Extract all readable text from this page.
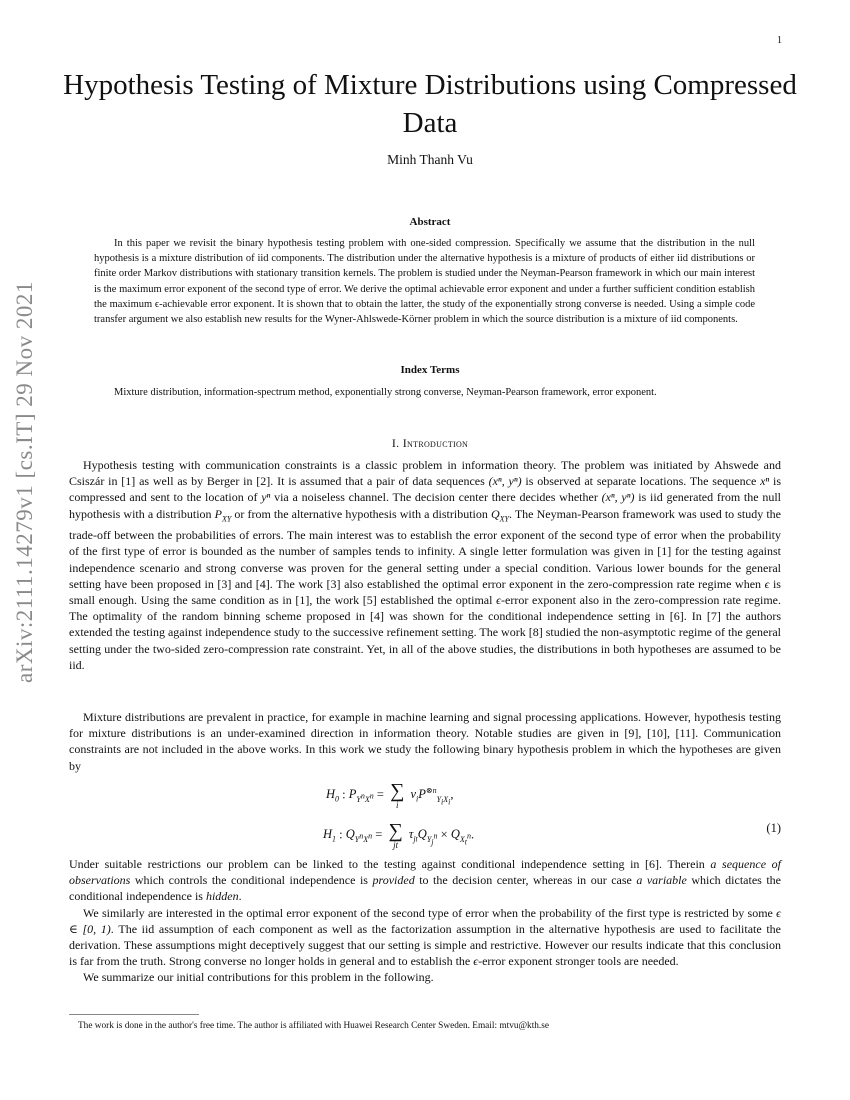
1
arXiv:2111.14279v1 [cs.IT] 29 Nov 2021
Hypothesis Testing of Mixture Distributions using Compressed Data
Minh Thanh Vu
Abstract
In this paper we revisit the binary hypothesis testing problem with one-sided compression. Specifically we assume that the distribution in the null hypothesis is a mixture distribution of iid components. The distribution under the alternative hypothesis is a mixture of products of either iid distributions or finite order Markov distributions with stationary transition kernels. The problem is studied under the Neyman-Pearson framework in which our main interest is the maximum error exponent of the second type of error. We derive the optimal achievable error exponent and under a further sufficient condition establish the maximum ϵ-achievable error exponent. It is shown that to obtain the latter, the study of the exponentially strong converse is needed. Using a simple code transfer argument we also establish new results for the Wyner-Ahlswede-Körner problem in which the source distribution is a mixture of iid components.
Index Terms
Mixture distribution, information-spectrum method, exponentially strong converse, Neyman-Pearson framework, error exponent.
I. Introduction

Hypothesis testing with communication constraints is a classic problem in information theory. The problem was initiated by Ahswede and Csiszár in [1] as well as by Berger in [2]. It is assumed that a pair of data sequences (xⁿ, yⁿ) is observed at separate locations. The sequence xⁿ is compressed and sent to the location of yⁿ via a noiseless channel. The decision center there decides whether (xⁿ, yⁿ) is iid generated from the null hypothesis with a distribution $P_{XY}$ or from the alternative hypothesis with a distribution $Q_{XY}$. The Neyman-Pearson framework was used to study the trade-off between the probabilities of errors. The main interest was to establish the error exponent of the second type of error when the probability of the first type of error is bounded as the number of samples tends to infinity. A single letter formulation was given in [1] for the testing against independence scenario and strong converse was proven for the general setting under a special condition. Various lower bounds for the general setting have been proposed in [3] and [4]. The work [3] also established the optimal error exponent in the zero-compression rate regime when ϵ is small enough. Using the same condition as in [1], the work [5] established the optimal ϵ-error exponent also in the zero-compression rate regime. The optimality of the random binning scheme proposed in [4] was shown for the conditional independence setting in [6]. In [7] the authors extended the testing against independence study to the successive refinement setting. The work [8] studied the non-asymptotic regime of the general setting under the two-sided zero-compression rate constraint. Yet, in all of the above studies, the distributions in both hypotheses are assumed to be iid.

Mixture distributions are prevalent in practice, for example in machine learning and signal processing applications. However, hypothesis testing for mixture distributions is an under-examined direction in information theory. Notable studies are given in [9], [10], [11]. Communication constraints are not included in the above works. In this work we study the following binary hypothesis problem in which the hypotheses are given by

$H_0$ : $P_{Y^nX^n}$ = ∑
i
$\nu_iP^{\otimes n}_{Y_iX_i}$,
$H_1$ : $Q_{Y^nX^n}$ = ∑
jt
$\tau_{jt}Q_{Y_j^n} \times Q_{X_t^n}$.	(1)

Under suitable restrictions our problem can be linked to the testing against conditional independence setting in [6]. Therein a sequence of observations which controls the conditional independence is provided to the decision center, whereas in our case a variable which dictates the conditional independence is hidden.

We similarly are interested in the optimal error exponent of the second type of error when the probability of the first type is restricted by some ϵ ∈ [0, 1). The iid assumption of each component as well as the factorization assumption in the alternative hypothesis are used to facilitate the derivation. These assumptions might deceptively suggest that our setting is simple and restrictive. However our results indicate that this conclusion is far from the truth. Strong converse no longer holds in general and to establish the ϵ-error exponent stronger tools are needed.

We summarize our initial contributions for this problem in the following.

The work is done in the author's free time. The author is affiliated with Huawei Research Center Sweden. Email: mtvu@kth.se
